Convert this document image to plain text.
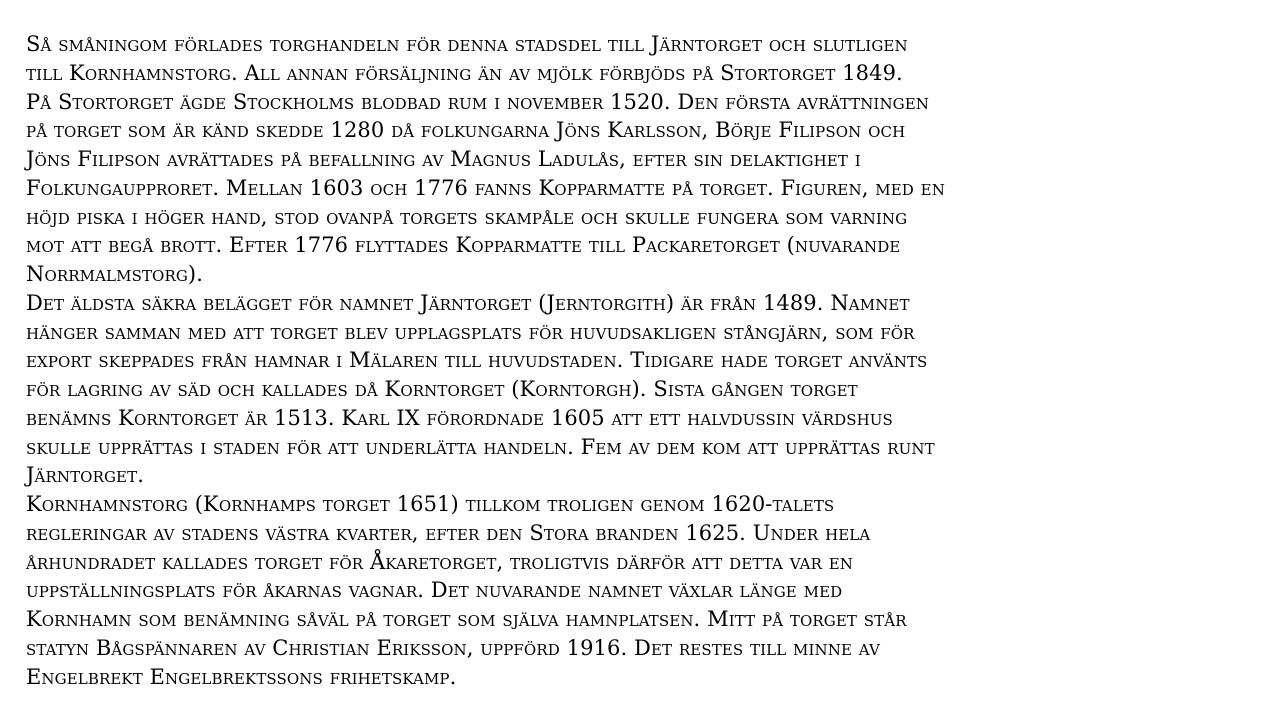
Så småningom förlades torghandeln för denna stadsdel till Järntorget och slutligen
till Kornhamnstorg. All annan försäljning än av mjölk förbjöds på Stortorget 1849.
På Stortorget ägde Stockholms blodbad rum i november 1520. Den första avrättningen
på torget som är känd skedde 1280 då folkungarna Jöns Karlsson, Börje Filipson och
Jöns Filipson avrättades på befallning av Magnus Ladulås, efter sin delaktighet i
Folkungaupproret. Mellan 1603 och 1776 fanns Kopparmatte på torget. Figuren, med en
höjd piska i höger hand, stod ovanpå torgets skampåle och skulle fungera som varning
mot att begå brott. Efter 1776 flyttades Kopparmatte till Packaretorget (nuvarande
Norrmalmstorg).
Det äldsta säkra belägget för namnet Järntorget (Jerntorgith) är från 1489. Namnet
hänger samman med att torget blev upplagsplats för huvudsakligen stångjärn, som för
export skeppades från hamnar i Mälaren till huvudstaden. Tidigare hade torget använts
för lagring av säd och kallades då Korntorget (Korntorgh). Sista gången torget
benämns Korntorget är 1513. Karl IX förordnade 1605 att ett halvdussin värdshus
skulle upprättas i staden för att underlätta handeln. Fem av dem kom att upprättas runt
Järntorget.
Kornhamnstorg (Kornhamps torget 1651) tillkom troligen genom 1620-talets
regleringar av stadens västra kvarter, efter den Stora branden 1625. Under hela
århundradet kallades torget för Åkaretorget, troligtvis därför att detta var en
uppställningsplats för åkarnas vagnar. Det nuvarande namnet växlar länge med
Kornhamn som benämning såväl på torget som själva hamnplatsen. Mitt på torget står
statyn Bågspännaren av Christian Eriksson, uppförd 1916. Det restes till minne av
Engelbrekt Engelbrektssons frihetskamp.
